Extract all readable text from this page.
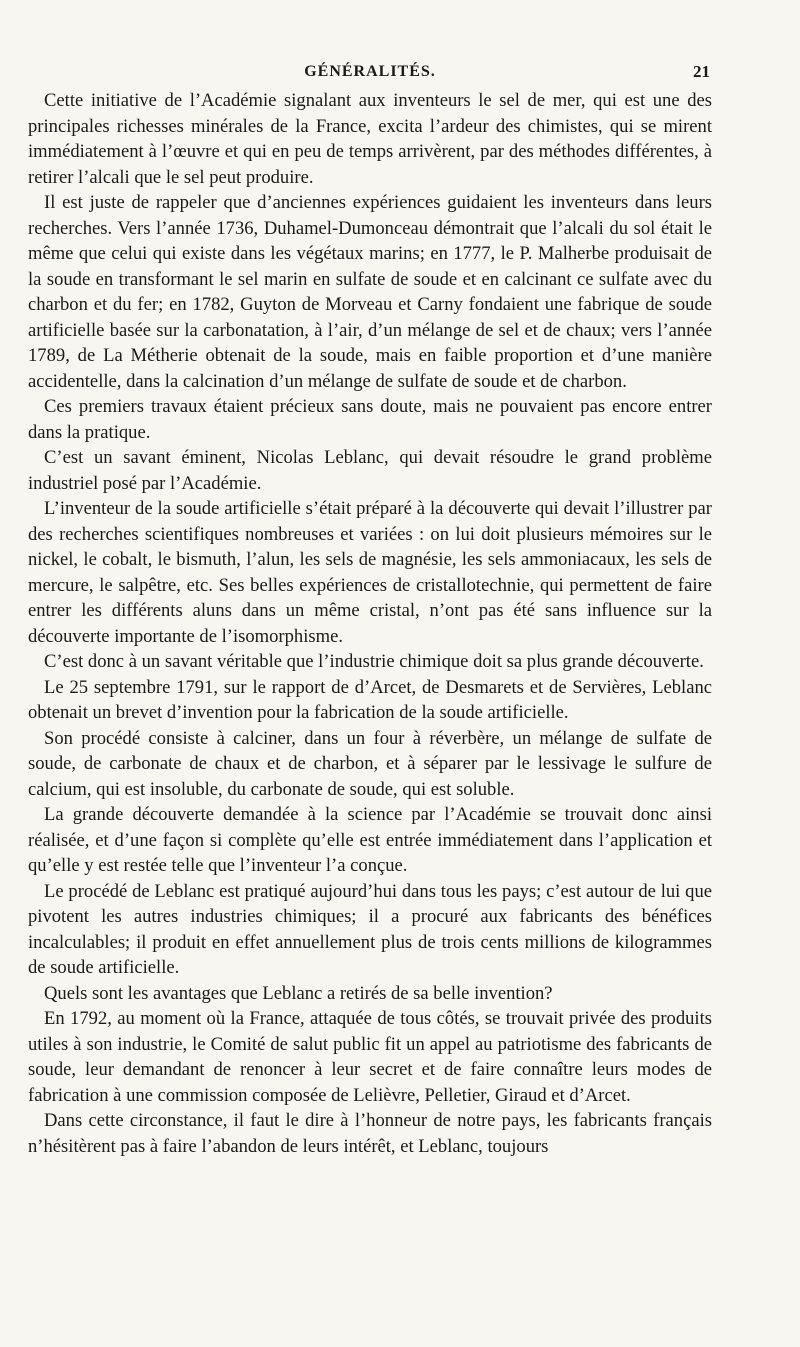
GÉNÉRALITÉS.	21

Cette initiative de l’Académie signalant aux inventeurs le sel de mer, qui est une des principales richesses minérales de la France, excita l’ardeur des chimistes, qui se mirent immédiatement à l’œuvre et qui en peu de temps arrivèrent, par des méthodes différentes, à retirer l’alcali que le sel peut produire.

Il est juste de rappeler que d’anciennes expériences guidaient les inventeurs dans leurs recherches. Vers l’année 1736, Duhamel-Dumonceau démontrait que l’alcali du sol était le même que celui qui existe dans les végétaux marins; en 1777, le P. Malherbe produisait de la soude en transformant le sel marin en sulfate de soude et en calcinant ce sulfate avec du charbon et du fer; en 1782, Guyton de Morveau et Carny fondaient une fabrique de soude artificielle basée sur la carbonatation, à l’air, d’un mélange de sel et de chaux; vers l’année 1789, de La Métherie obtenait de la soude, mais en faible proportion et d’une manière accidentelle, dans la calcination d’un mélange de sulfate de soude et de charbon.

Ces premiers travaux étaient précieux sans doute, mais ne pouvaient pas encore entrer dans la pratique.

C’est un savant éminent, Nicolas Leblanc, qui devait résoudre le grand problème industriel posé par l’Académie.

L’inventeur de la soude artificielle s’était préparé à la découverte qui devait l’illustrer par des recherches scientifiques nombreuses et variées : on lui doit plusieurs mémoires sur le nickel, le cobalt, le bismuth, l’alun, les sels de magnésie, les sels ammoniacaux, les sels de mercure, le salpêtre, etc. Ses belles expériences de cristallotechnie, qui permettent de faire entrer les différents aluns dans un même cristal, n’ont pas été sans influence sur la découverte importante de l’isomorphisme.

C’est donc à un savant véritable que l’industrie chimique doit sa plus grande découverte.

Le 25 septembre 1791, sur le rapport de d’Arcet, de Desmarets et de Servières, Leblanc obtenait un brevet d’invention pour la fabrication de la soude artificielle.

Son procédé consiste à calciner, dans un four à réverbère, un mélange de sulfate de soude, de carbonate de chaux et de charbon, et à séparer par le lessivage le sulfure de calcium, qui est insoluble, du carbonate de soude, qui est soluble.

La grande découverte demandée à la science par l’Académie se trouvait donc ainsi réalisée, et d’une façon si complète qu’elle est entrée immédiatement dans l’application et qu’elle y est restée telle que l’inventeur l’a conçue.

Le procédé de Leblanc est pratiqué aujourd’hui dans tous les pays; c’est autour de lui que pivotent les autres industries chimiques; il a procuré aux fabricants des bénéfices incalculables; il produit en effet annuellement plus de trois cents millions de kilogrammes de soude artificielle.

Quels sont les avantages que Leblanc a retirés de sa belle invention?

En 1792, au moment où la France, attaquée de tous côtés, se trouvait privée des produits utiles à son industrie, le Comité de salut public fit un appel au patriotisme des fabricants de soude, leur demandant de renoncer à leur secret et de faire connaître leurs modes de fabrication à une commission composée de Lelièvre, Pelletier, Giraud et d’Arcet.

Dans cette circonstance, il faut le dire à l’honneur de notre pays, les fabricants français n’hésitèrent pas à faire l’abandon de leurs intérêt, et Leblanc, toujours
